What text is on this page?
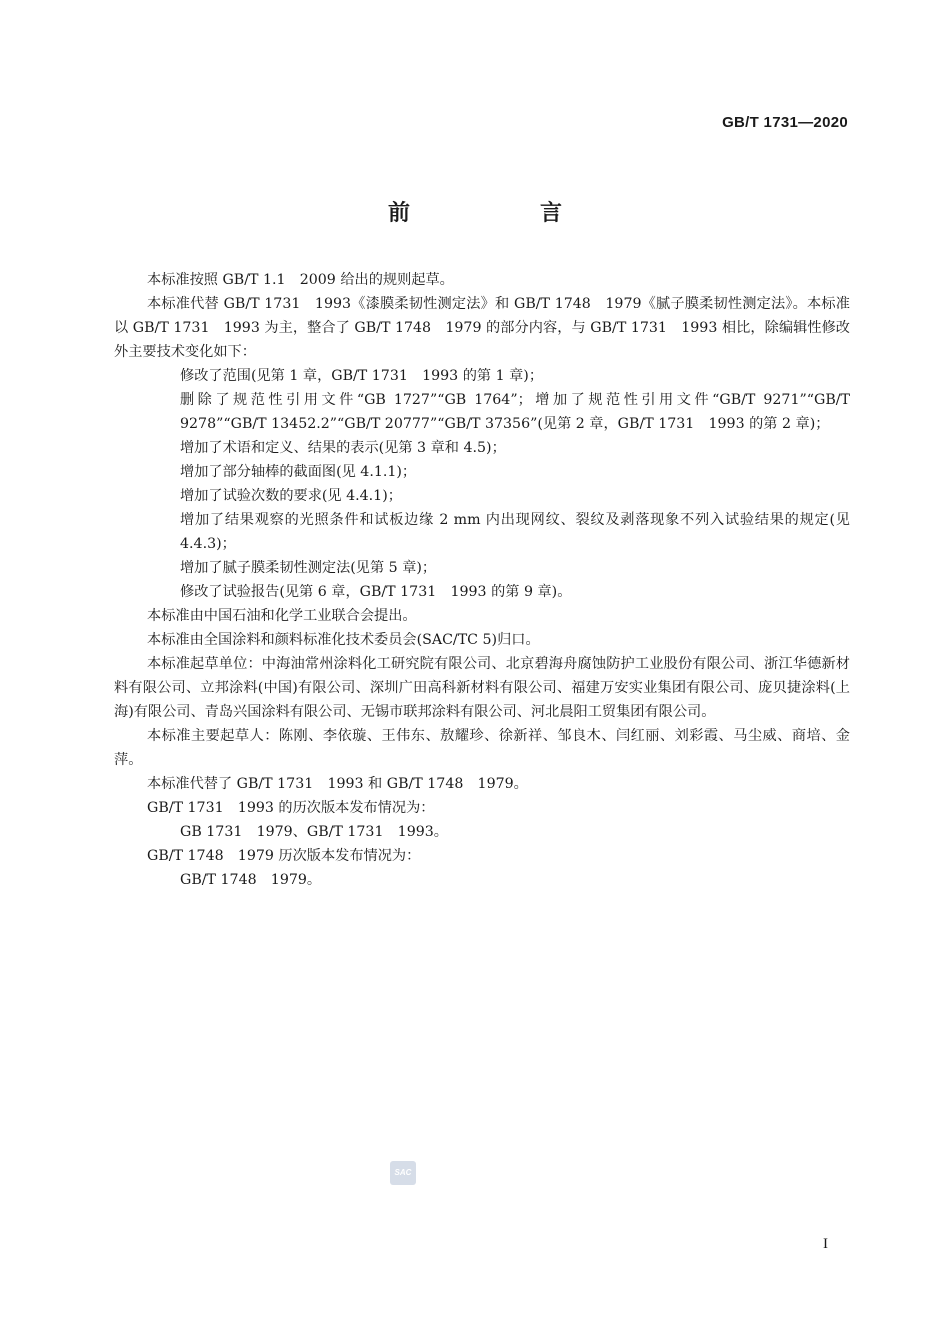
GB/T 1731—2020
前　言

本标准按照 GB/T 1.1　2009 给出的规则起草。

本标准代替 GB/T 1731　1993《漆膜柔韧性测定法》和 GB/T 1748　1979《腻子膜柔韧性测定法》。本标准以 GB/T 1731　1993 为主，整合了 GB/T 1748　1979 的部分内容，与 GB/T 1731　1993 相比，除编辑性修改外主要技术变化如下：

修改了范围(见第 1 章，GB/T 1731　1993 的第 1 章)；

删除了规范性引用文件“GB 1727”“GB 1764”；增加了规范性引用文件“GB/T 9271”“GB/T 9278”“GB/T 13452.2”“GB/T 20777”“GB/T 37356”(见第 2 章，GB/T 1731　1993 的第 2 章)；

增加了术语和定义、结果的表示(见第 3 章和 4.5)；

增加了部分轴棒的截面图(见 4.1.1)；

增加了试验次数的要求(见 4.4.1)；

增加了结果观察的光照条件和试板边缘 2 mm 内出现网纹、裂纹及剥落现象不列入试验结果的规定(见 4.4.3)；

增加了腻子膜柔韧性测定法(见第 5 章)；

修改了试验报告(见第 6 章，GB/T 1731　1993 的第 9 章)。

本标准由中国石油和化学工业联合会提出。

本标准由全国涂料和颜料标准化技术委员会(SAC/TC 5)归口。

本标准起草单位：中海油常州涂料化工研究院有限公司、北京碧海舟腐蚀防护工业股份有限公司、浙江华德新材料有限公司、立邦涂料(中国)有限公司、深圳广田高科新材料有限公司、福建万安实业集团有限公司、庞贝捷涂料(上海)有限公司、青岛兴国涂料有限公司、无锡市联邦涂料有限公司、河北晨阳工贸集团有限公司。

本标准主要起草人：陈刚、李依璇、王伟东、敖耀珍、徐新祥、邹良木、闫红丽、刘彩霞、马尘威、商培、金萍。

本标准代替了 GB/T 1731　1993 和 GB/T 1748　1979。

GB/T 1731　1993 的历次版本发布情况为：

GB 1731　1979、GB/T 1731　1993。

GB/T 1748　1979 历次版本发布情况为：

GB/T 1748　1979。

SAC
I
